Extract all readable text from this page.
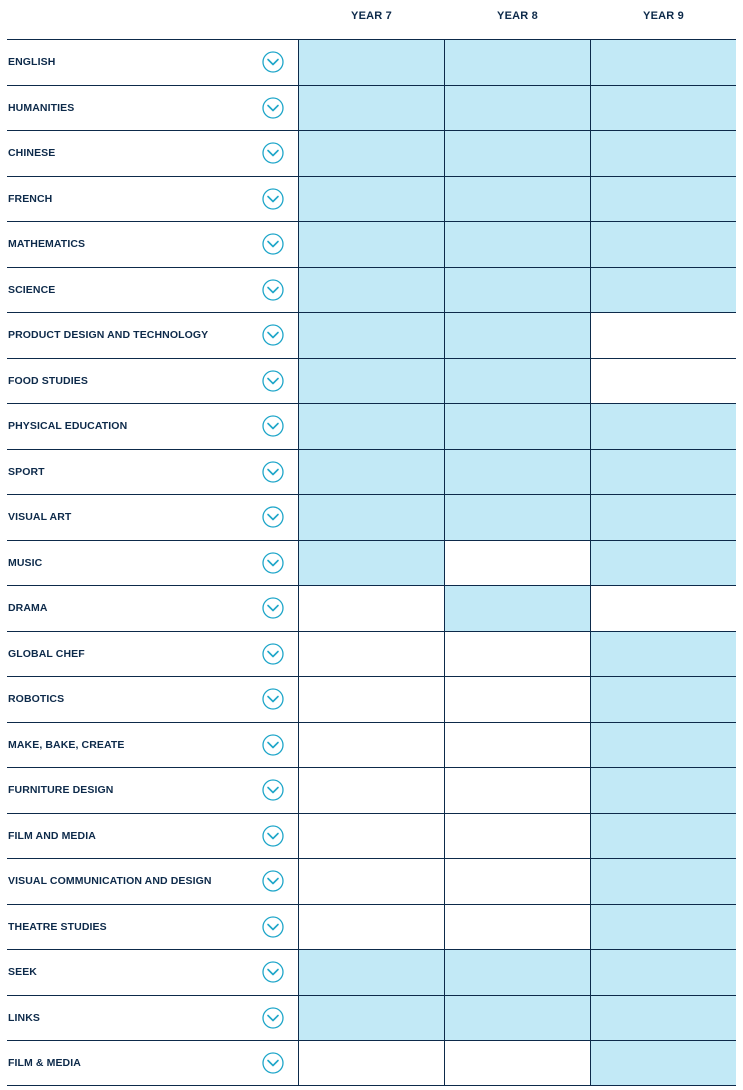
YEAR 7	YEAR 8	YEAR 9
ENGLISH
HUMANITIES
CHINESE
FRENCH
MATHEMATICS
SCIENCE
PRODUCT DESIGN AND TECHNOLOGY
FOOD STUDIES
PHYSICAL EDUCATION
SPORT
VISUAL ART
MUSIC
DRAMA
GLOBAL CHEF
ROBOTICS
MAKE, BAKE, CREATE
FURNITURE DESIGN
FILM AND MEDIA
VISUAL COMMUNICATION AND DESIGN
THEATRE STUDIES
SEEK
LINKS
FILM & MEDIA
